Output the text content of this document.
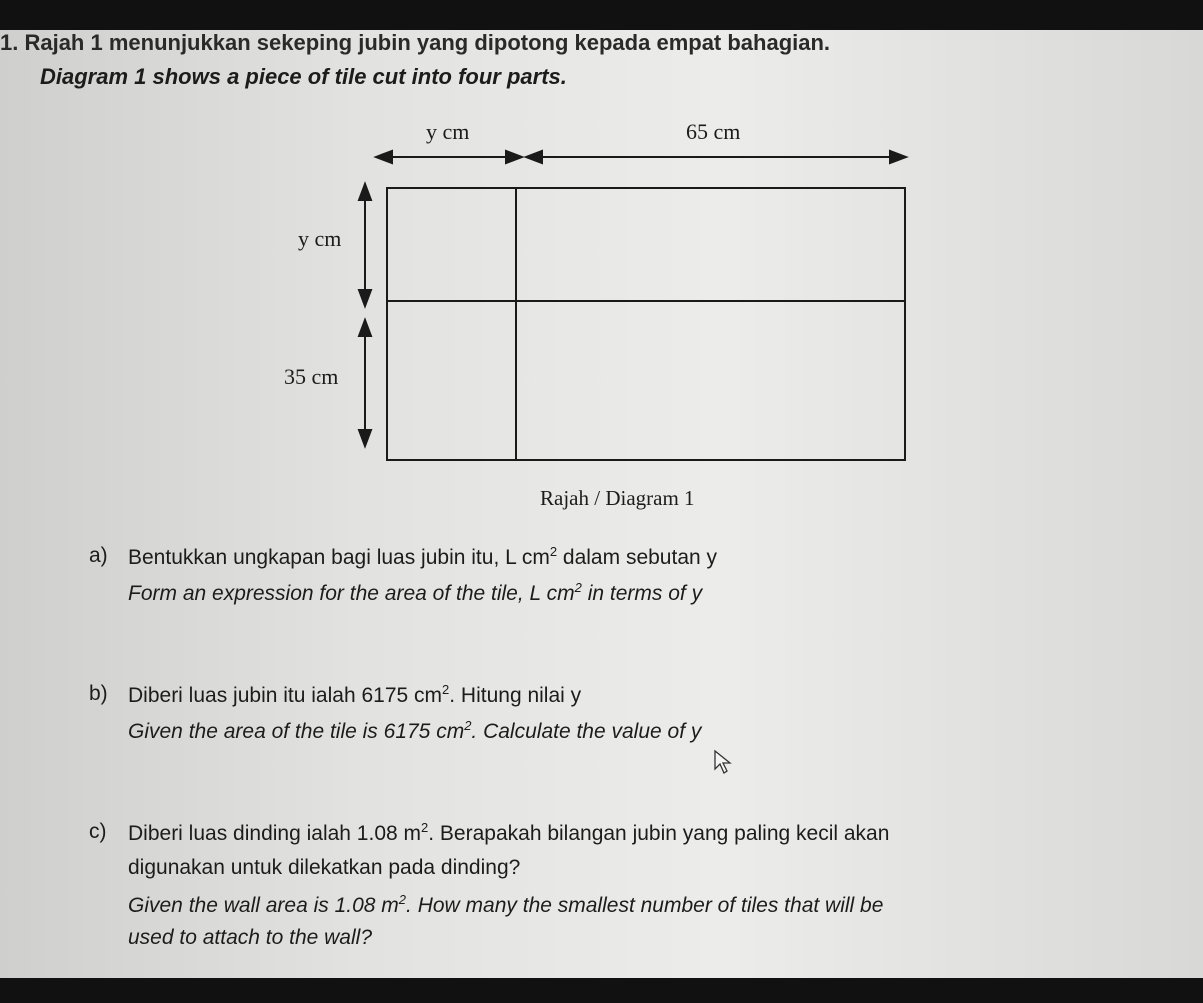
1. Rajah 1 menunjukkan sekeping jubin yang dipotong kepada empat bahagian.
Diagram 1 shows a piece of tile cut into four parts.
y cm	65 cm
y cm
35 cm
Rajah / Diagram 1
a) Bentukkan ungkapan bagi luas jubin itu, L $cm^2$ dalam sebutan y
Form an expression for the area of the tile, L $cm^2$ in terms of y
b) Diberi luas jubin itu ialah 6175 $cm^2$. Hitung nilai y
Given the area of the tile is 6175 $cm^2$. Calculate the value of y
c) Diberi luas dinding ialah 1.08 $m^2$. Berapakah bilangan jubin yang paling kecil akan
digunakan untuk dilekatkan pada dinding?
Given the wall area is 1.08 $m^2$. How many the smallest number of tiles that will be
used to attach to the wall?
